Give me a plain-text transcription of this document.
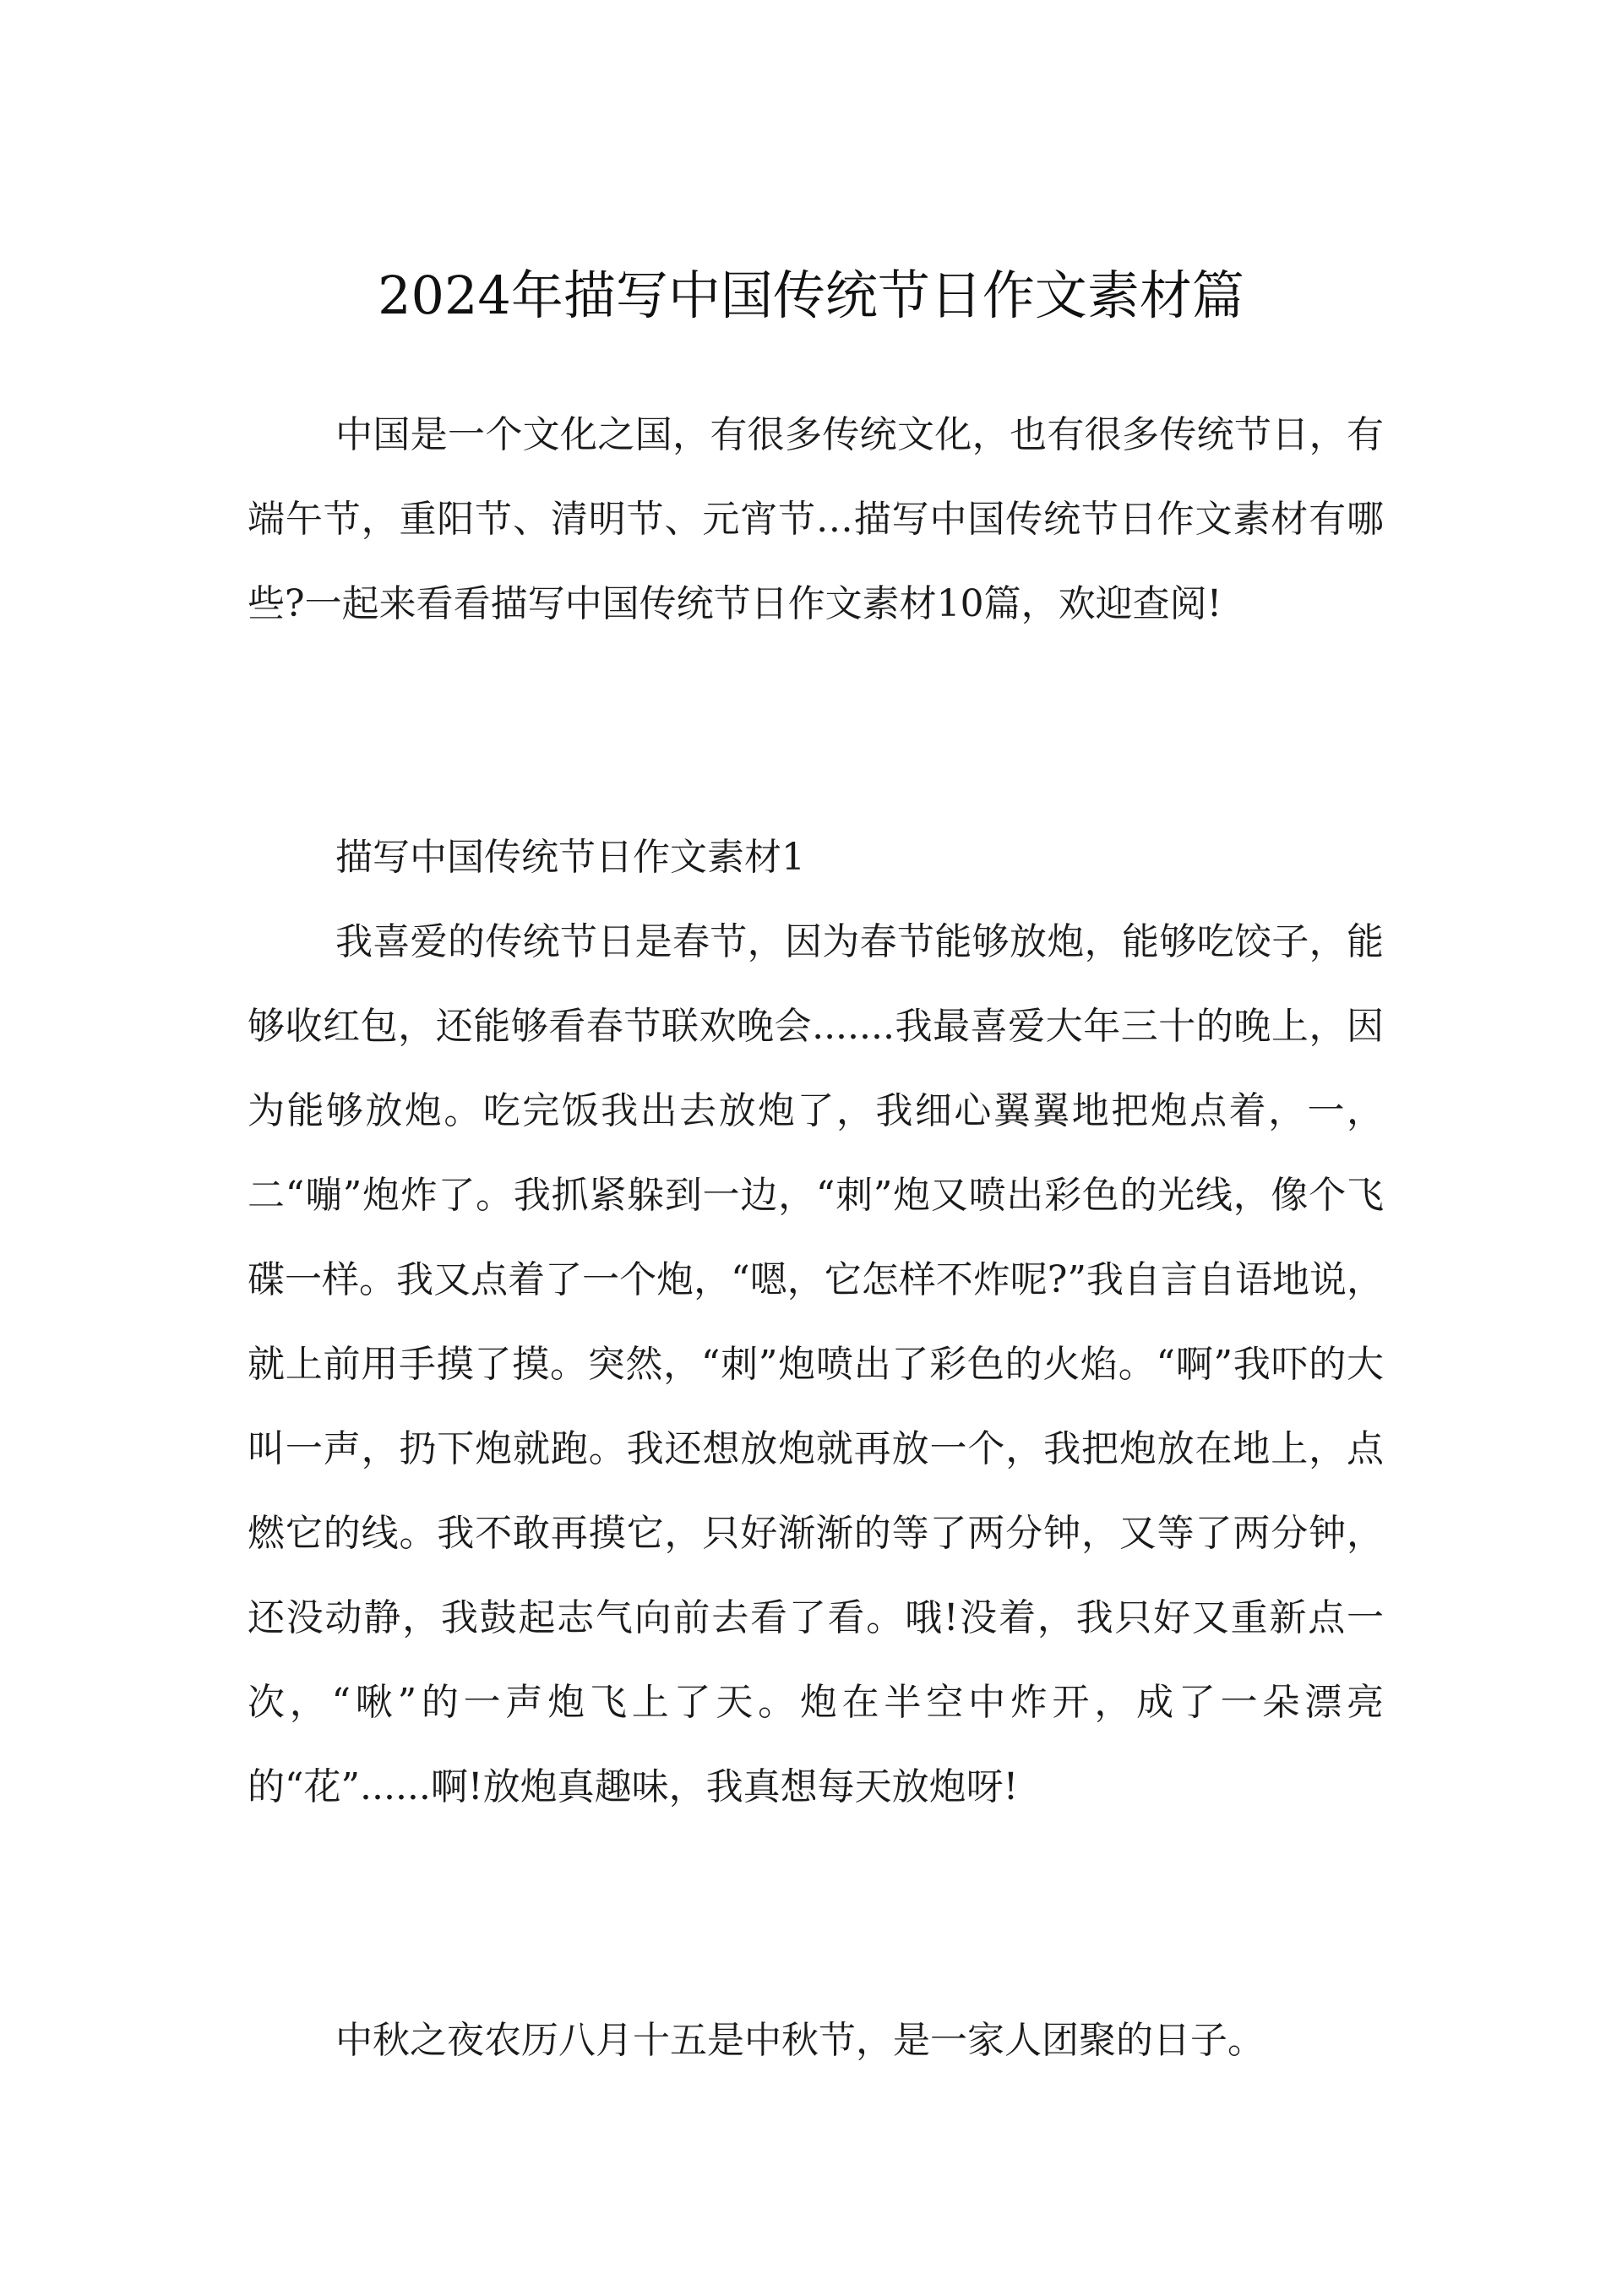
2024年描写中国传统节日作文素材篇

中国是一个文化之国，有很多传统文化，也有很多传统节日，有端午节，重阳节、清明节、元宵节…描写中国传统节日作文素材有哪些?一起来看看描写中国传统节日作文素材10篇，欢迎查阅!

描写中国传统节日作文素材1

我喜爱的传统节日是春节，因为春节能够放炮，能够吃饺子，能够收红包，还能够看春节联欢晚会.......我最喜爱大年三十的晚上，因为能够放炮。吃完饭我出去放炮了，我细心翼翼地把炮点着，一，二“嘣”炮炸了。我抓紧躲到一边，“刺”炮又喷出彩色的光线，像个飞碟一样。我又点着了一个炮，“嗯，它怎样不炸呢?”我自言自语地说，就上前用手摸了摸。突然，“刺”炮喷出了彩色的火焰。“啊”我吓的大叫一声，扔下炮就跑。我还想放炮就再放一个，我把炮放在地上，点燃它的线。我不敢再摸它，只好渐渐的等了两分钟，又等了两分钟，还没动静，我鼓起志气向前去看了看。哦!没着，我只好又重新点一次，“啾”的一声炮飞上了天。炮在半空中炸开，成了一朵漂亮的“花”......啊!放炮真趣味，我真想每天放炮呀!

中秋之夜农历八月十五是中秋节，是一家人团聚的日子。
